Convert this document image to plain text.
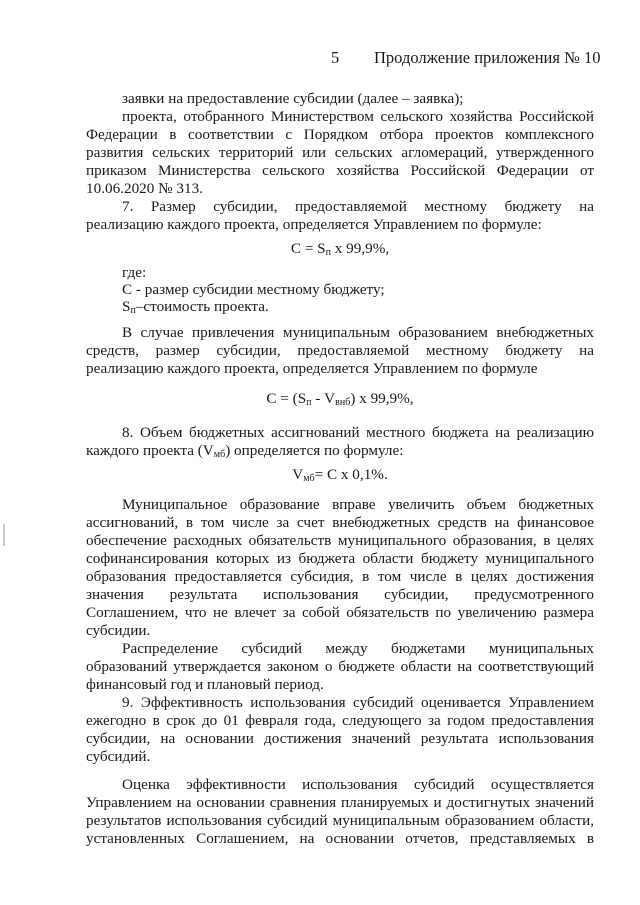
5 Продолжение приложения № 10
заявки на предоставление субсидии (далее – заявка);
проекта, отобранного Министерством сельского хозяйства Российской
Федерации в соответствии с Порядком отбора проектов комплексного
развития сельских территорий или сельских агломераций, утвержденного
приказом Министерства сельского хозяйства Российской Федерации от
10.06.2020 № 313.
7. Размер субсидии, предоставляемой местному бюджету на
реализацию каждого проекта, определяется Управлением по формуле:
$С = S_п$ х 99,9%,
где:
С - размер субсидии местному бюджету;
$S_п$–стоимость проекта.
В случае привлечения муниципальным образованием внебюджетных
средств, размер субсидии, предоставляемой местному бюджету на
реализацию каждого проекта, определяется Управлением по формуле
$С = (S_п - V_{внб})$ х 99,9%,
8. Объем бюджетных ассигнований местного бюджета на реализацию
каждого проекта $(V_{мб})$ определяется по формуле:
$V_{мб}= С$ х 0,1%.
Муниципальное образование вправе увеличить объем бюджетных
ассигнований, в том числе за счет внебюджетных средств на финансовое
обеспечение расходных обязательств муниципального образования, в целях
софинансирования которых из бюджета области бюджету муниципального
образования предоставляется субсидия, в том числе в целях достижения
значения результата использования субсидии, предусмотренного
Соглашением, что не влечет за собой обязательств по увеличению размера
субсидии.
Распределение субсидий между бюджетами муниципальных
образований утверждается законом о бюджете области на соответствующий
финансовый год и плановый период.
9. Эффективность использования субсидий оценивается Управлением
ежегодно в срок до 01 февраля года, следующего за годом предоставления
субсидии, на основании достижения значений результата использования
субсидий.
Оценка эффективности использования субсидий осуществляется
Управлением на основании сравнения планируемых и достигнутых значений
результатов использования субсидий муниципальным образованием области,
установленных Соглашением, на основании отчетов, представляемых в
